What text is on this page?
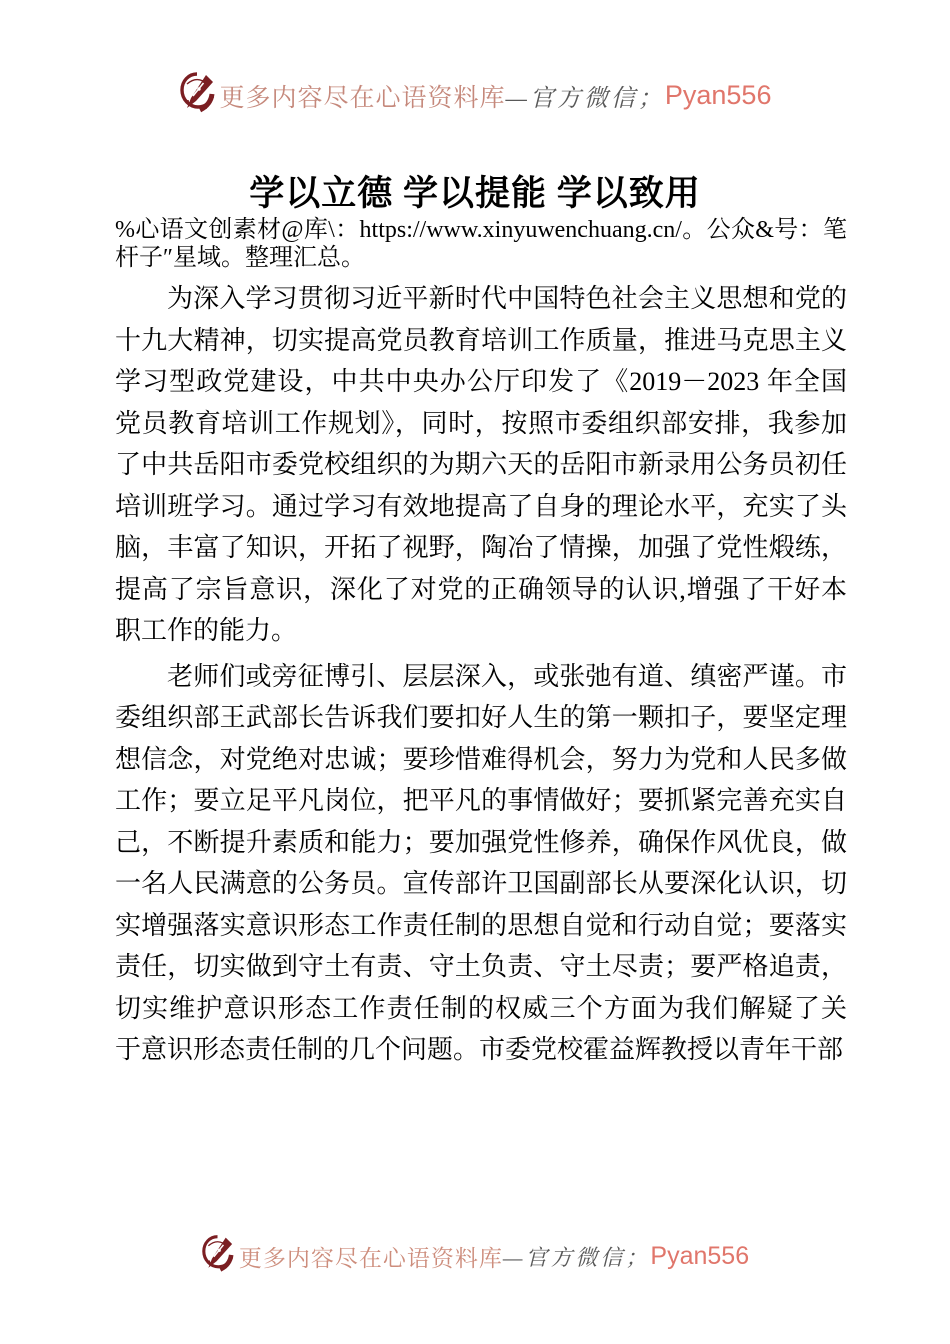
更多内容尽在心语资料库 —官方微信； Pyan556
学以立德 学以提能 学以致用

%心语文创素材@库\：https://www.xinyuwenchuang.cn/。公众&号：笔杆子″星域。整理汇总。

为深入学习贯彻习近平新时代中国特色社会主义思想和党的十九大精神，切实提高党员教育培训工作质量，推进马克思主义学习型政党建设，中共中央办公厅印发了《2019－2023 年全国党员教育培训工作规划》，同时，按照市委组织部安排，我参加了中共岳阳市委党校组织的为期六天的岳阳市新录用公务员初任培训班学习。通过学习有效地提高了自身的理论水平，充实了头脑，丰富了知识，开拓了视野，陶冶了情操，加强了党性煅练，提高了宗旨意识，深化了对党的正确领导的认识,增强了干好本职工作的能力。

老师们或旁征博引、层层深入，或张弛有道、缜密严谨。市委组织部王武部长告诉我们要扣好人生的第一颗扣子，要坚定理想信念，对党绝对忠诚；要珍惜难得机会，努力为党和人民多做工作；要立足平凡岗位，把平凡的事情做好；要抓紧完善充实自己，不断提升素质和能力；要加强党性修养，确保作风优良，做一名人民满意的公务员。宣传部许卫国副部长从要深化认识，切实增强落实意识形态工作责任制的思想自觉和行动自觉；要落实责任，切实做到守土有责、守土负责、守土尽责；要严格追责， 切实维护意识形态工作责任制的权威三个方面为我们解疑了关 于意识形态责任制的几个问题。市委党校霍益辉教授以青年干部

更多内容尽在心语资料库 —官方微信； Pyan556
